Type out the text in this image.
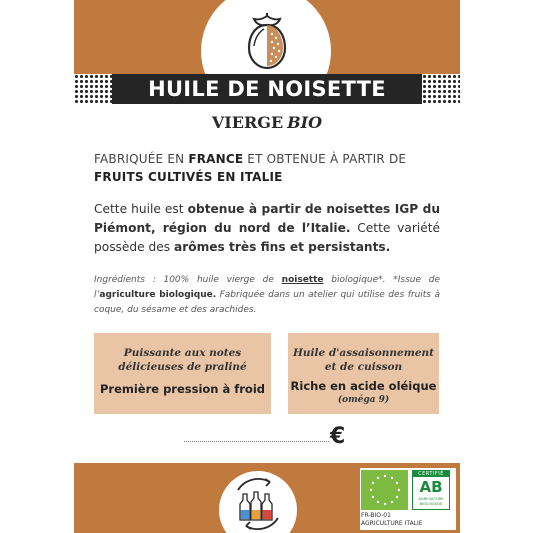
HUILE DE NOISETTE
VIERGE BIO
FABRIQUÉE EN FRANCE ET OBTENUE À PARTIR DE
FRUITS CULTIVÉS EN ITALIE
Cette huile est obtenue à partir de noisettes IGP du Piémont, région du nord de l’Italie. Cette variété possède des arômes très fins et persistants.
Ingrédients : 100% huile vierge de noisette biologique*. *Issue de l’agriculture biologique. Fabriquée dans un atelier qui utilise des fruits à coque, du sésame et des arachides.
Puissante aux notes
délicieuses de praliné
Première pression à froid
Huile d'assaisonnement
et de cuisson
Riche en acide oléique
(oméga 9)
€
CERTIFIÉ
AB
AGRICULTURE BIOLOGIQUE
FR-BIO-01
AGRICULTURE ITALIE
